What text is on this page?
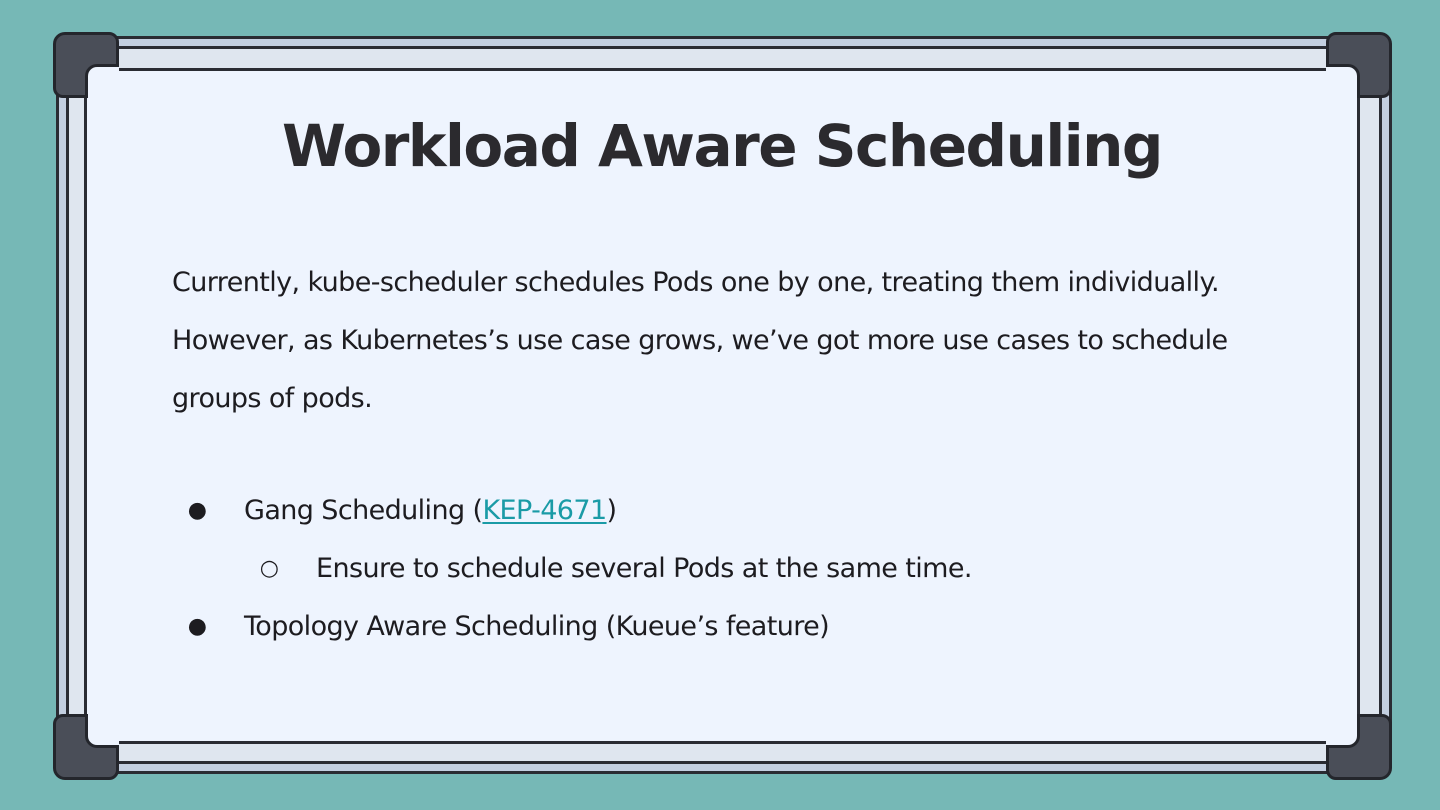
Workload Aware Scheduling
Currently, kube-scheduler schedules Pods one by one, treating them individually. However, as Kubernetes’s use case grows, we’ve got more use cases to schedule groups of pods.
● Gang Scheduling (KEP-4671)
○ Ensure to schedule several Pods at the same time.
● Topology Aware Scheduling (Kueue’s feature)
